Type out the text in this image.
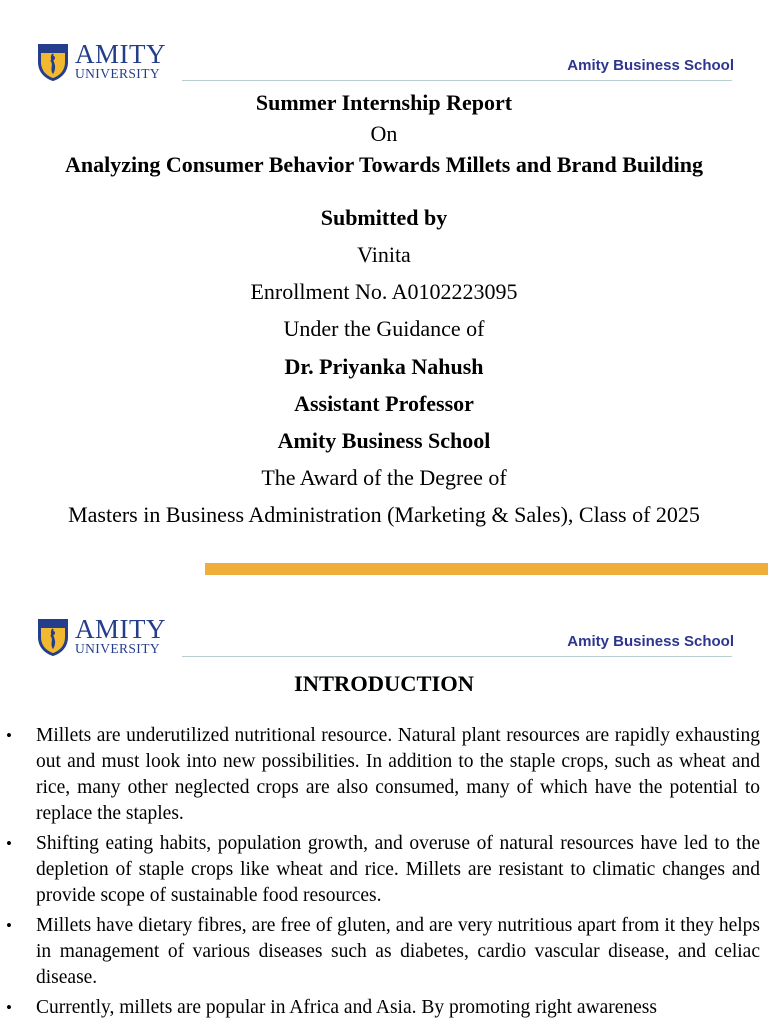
AMITY
UNIVERSITY	Amity Business School
Summer Internship Report
On
Analyzing Consumer Behavior Towards Millets and Brand Building
Submitted by
Vinita
Enrollment No. A0102223095
Under the Guidance of
Dr. Priyanka Nahush
Assistant Professor
Amity Business School
The Award of the Degree of
Masters in Business Administration (Marketing & Sales), Class of 2025
AMITY
UNIVERSITY	Amity Business School
INTRODUCTION
• Millets are underutilized nutritional resource. Natural plant resources are rapidly exhausting out and must look into new possibilities. In addition to the staple crops, such as wheat and rice, many other neglected crops are also consumed, many of which have the potential to replace the staples.
• Shifting eating habits, population growth, and overuse of natural resources have led to the depletion of staple crops like wheat and rice. Millets are resistant to climatic changes and provide scope of sustainable food resources.
• Millets have dietary fibres, are free of gluten, and are very nutritious apart from it they helps in management of various diseases such as diabetes, cardio vascular disease, and celiac disease.
• Currently, millets are popular in Africa and Asia. By promoting right awareness
